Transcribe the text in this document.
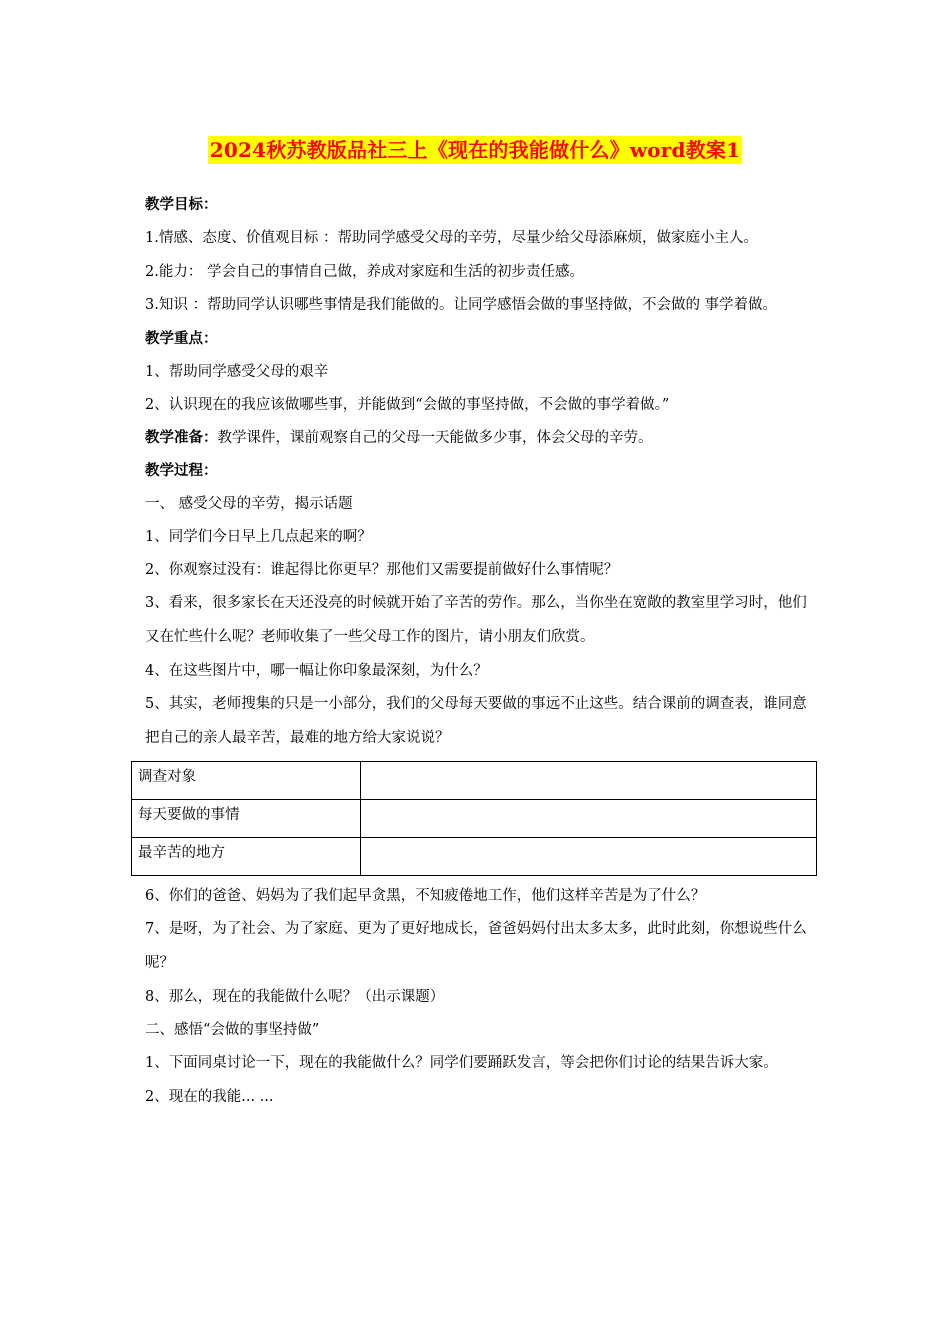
2024秋苏教版品社三上《现在的我能做什么》word教案1

教学目标：

1.情感、态度、价值观目标 ：帮助同学感受父母的辛劳，尽量少给父母添麻烦，做家庭小主人。

2.能力： 学会自己的事情自己做，养成对家庭和生活的初步责任感。

3.知识 ：帮助同学认识哪些事情是我们能做的。让同学感悟会做的事坚持做，不会做的 事学着做。

教学重点：

1、帮助同学感受父母的艰辛

2、认识现在的我应该做哪些事，并能做到“会做的事坚持做，不会做的事学着做。”

教学准备：教学课件，课前观察自己的父母一天能做多少事，体会父母的辛劳。

教学过程：

一、 感受父母的辛劳，揭示话题

1、同学们今日早上几点起来的啊？

2、你观察过没有：谁起得比你更早？那他们又需要提前做好什么事情呢？

3、看来，很多家长在天还没亮的时候就开始了辛苦的劳作。那么，当你坐在宽敞的教室里学习时，他们又在忙些什么呢？老师收集了一些父母工作的图片，请小朋友们欣赏。

4、在这些图片中，哪一幅让你印象最深刻，为什么？

5、其实，老师搜集的只是一小部分，我们的父母每天要做的事远不止这些。结合课前的调查表，谁同意把自己的亲人最辛苦，最难的地方给大家说说？

调查对象	
每天要做的事情	
最辛苦的地方	

6、你们的爸爸、妈妈为了我们起早贪黑，不知疲倦地工作，他们这样辛苦是为了什么？

7、是呀，为了社会、为了家庭、更为了更好地成长，爸爸妈妈付出太多太多，此时此刻，你想说些什么呢？

8、那么，现在的我能做什么呢？（出示课题）

二、感悟“会做的事坚持做”

1、下面同桌讨论一下，现在的我能做什么？同学们要踊跃发言，等会把你们讨论的结果告诉大家。

2、现在的我能... ...
